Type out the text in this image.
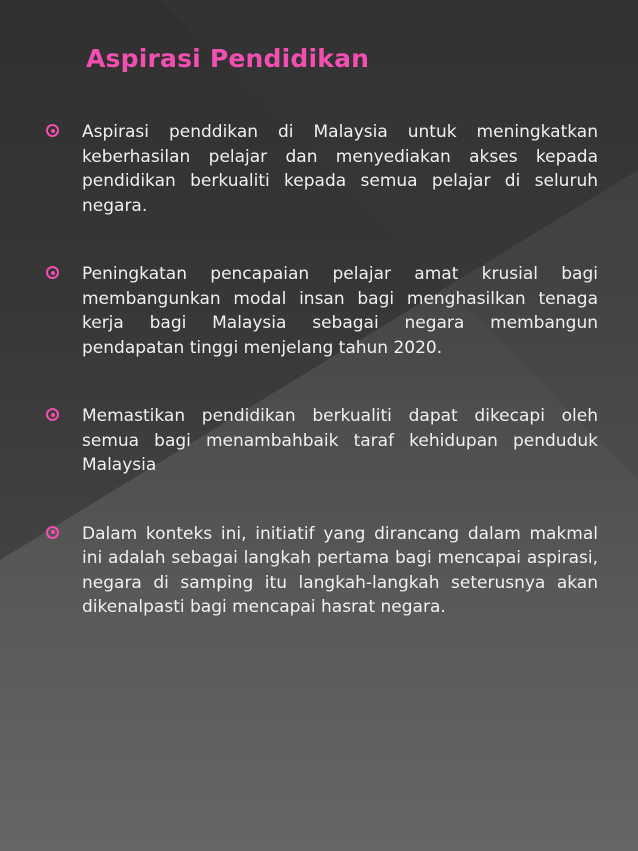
Aspirasi Pendidikan

Aspirasi penddikan di Malaysia untuk meningkatkan keberhasilan pelajar dan menyediakan akses kepada pendidikan berkualiti kepada semua pelajar di seluruh negara.

Peningkatan pencapaian pelajar amat krusial bagi membangunkan modal insan bagi menghasilkan tenaga kerja bagi Malaysia sebagai negara membangun pendapatan tinggi menjelang tahun 2020.

Memastikan pendidikan berkualiti dapat dikecapi oleh semua bagi menambahbaik taraf kehidupan penduduk Malaysia

Dalam konteks ini, initiatif yang dirancang dalam makmal ini adalah sebagai langkah pertama bagi mencapai aspirasi, negara di samping itu langkah-langkah seterusnya akan dikenalpasti bagi mencapai hasrat negara.
